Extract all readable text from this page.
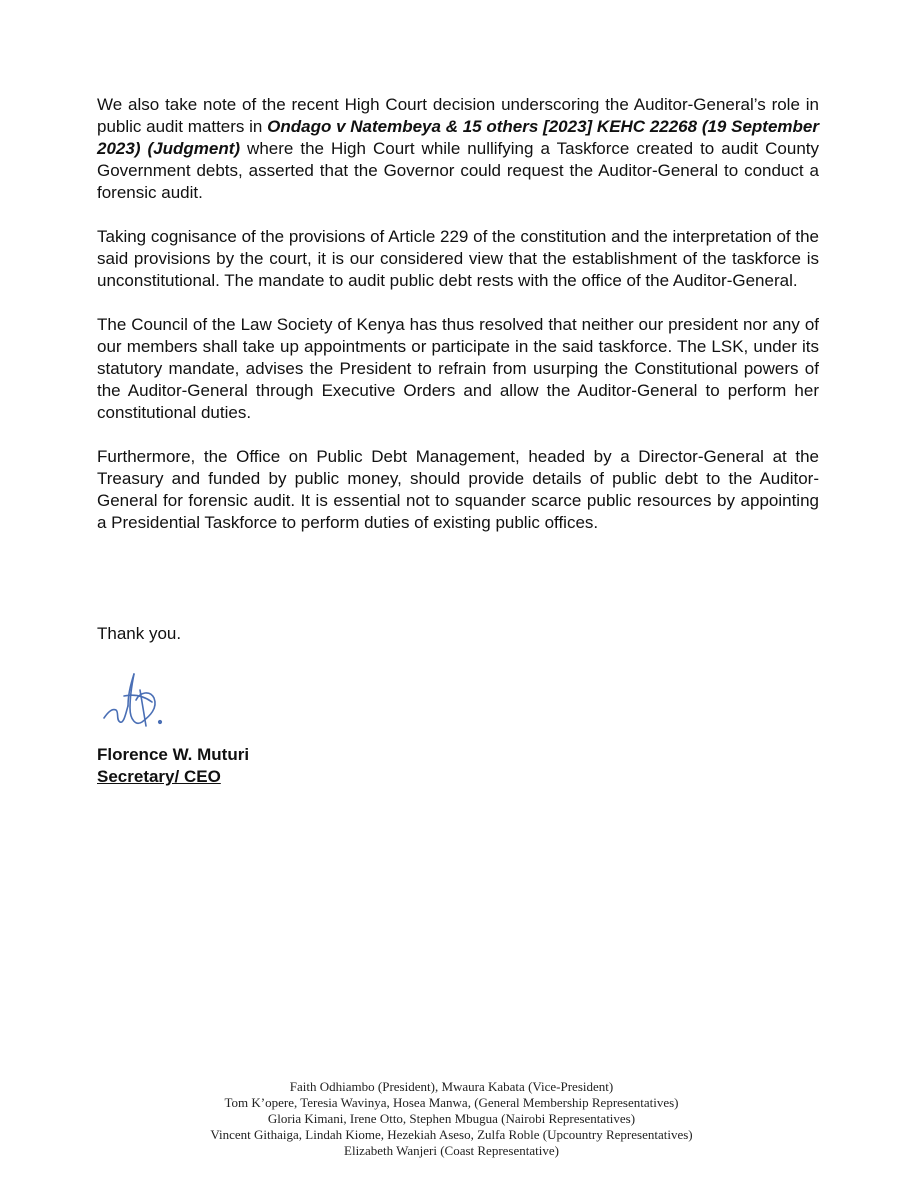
We also take note of the recent High Court decision underscoring the Auditor-General’s role in public audit matters in Ondago v Natembeya & 15 others [2023] KEHC 22268 (19 September 2023) (Judgment) where the High Court while nullifying a Taskforce created to audit County Government debts, asserted that the Governor could request the Auditor-General to conduct a forensic audit.

Taking cognisance of the provisions of Article 229 of the constitution and the interpretation of the said provisions by the court, it is our considered view that the establishment of the taskforce is unconstitutional. The mandate to audit public debt rests with the office of the Auditor-General.

The Council of the Law Society of Kenya has thus resolved that neither our president nor any of our members shall take up appointments or participate in the said taskforce. The LSK, under its statutory mandate, advises the President to refrain from usurping the Constitutional powers of the Auditor-General through Executive Orders and allow the Auditor-General to perform her constitutional duties.

Furthermore, the Office on Public Debt Management, headed by a Director-General at the Treasury and funded by public money, should provide details of public debt to the Auditor-General for forensic audit. It is essential not to squander scarce public resources by appointing a Presidential Taskforce to perform duties of existing public offices.

Thank you.
Florence W. Muturi
Secretary/ CEO
Faith Odhiambo (President), Mwaura Kabata (Vice-President)
Tom K’opere, Teresia Wavinya, Hosea Manwa, (General Membership Representatives)
Gloria Kimani, Irene Otto, Stephen Mbugua (Nairobi Representatives)
Vincent Githaiga, Lindah Kiome, Hezekiah Aseso, Zulfa Roble (Upcountry Representatives)
Elizabeth Wanjeri (Coast Representative)
